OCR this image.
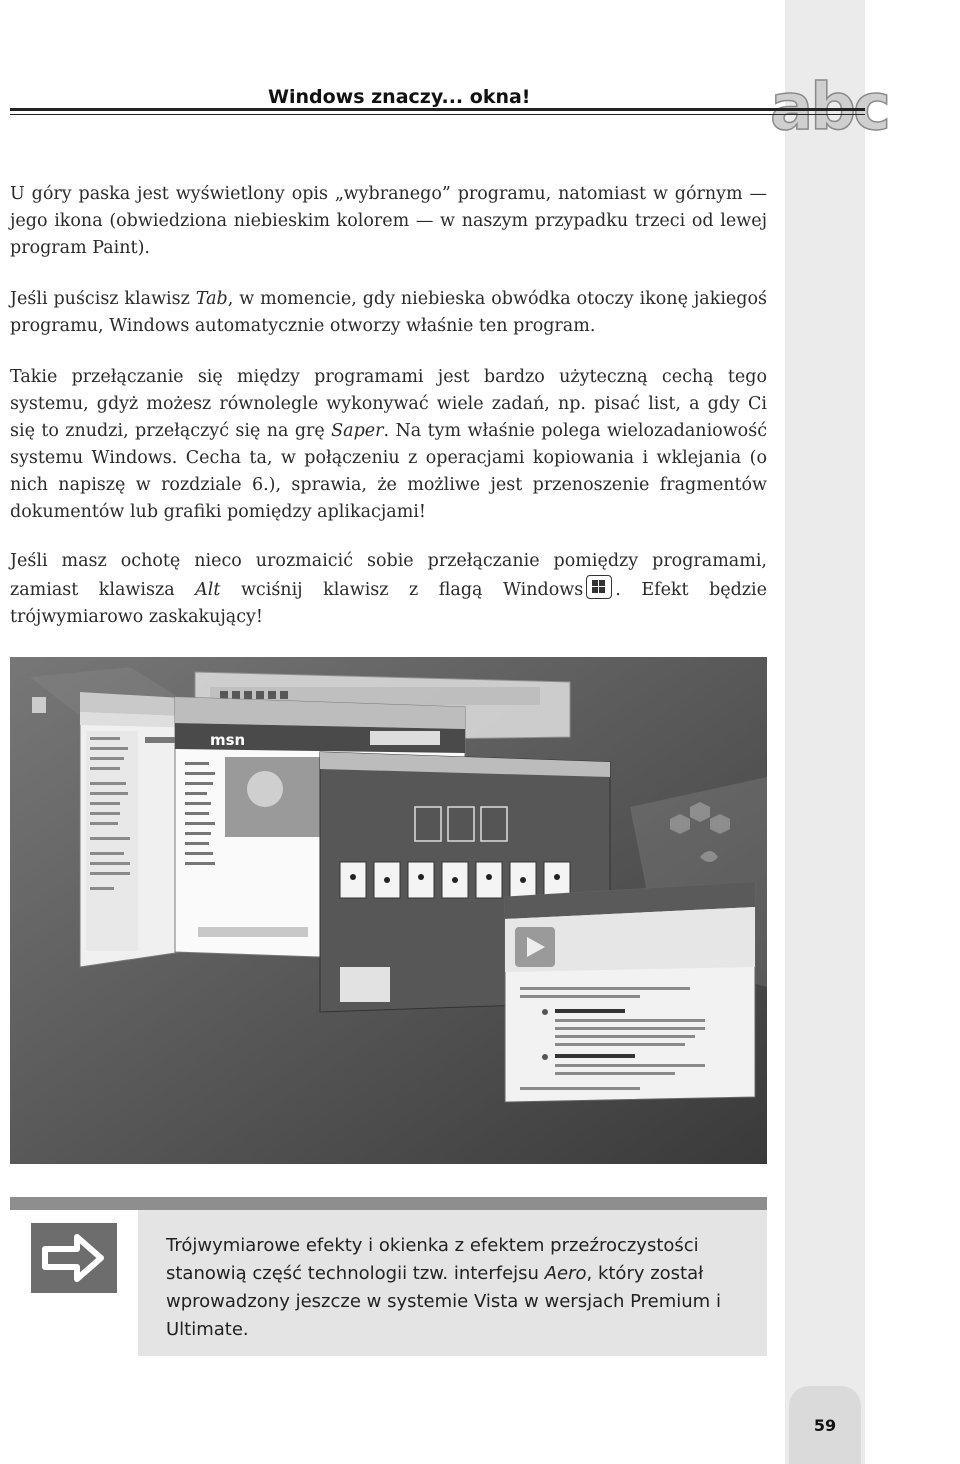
abc
Windows znaczy... okna!
U góry paska jest wyświetlony opis „wybranego” programu, natomiast w górnym — jego ikona (obwiedziona niebieskim kolorem — w naszym przypadku trzeci od lewej program Paint).
Jeśli puścisz klawisz Tab, w momencie, gdy niebieska obwódka otoczy ikonę jakiegoś programu, Windows automatycznie otworzy właśnie ten program.
Takie przełączanie się między programami jest bardzo użyteczną cechą tego systemu, gdyż możesz równolegle wykonywać wiele zadań, np. pisać list, a gdy Ci się to znudzi, przełączyć się na grę Saper. Na tym właśnie polega wielozadaniowość systemu Windows. Cecha ta, w połączeniu z operacjami kopiowania i wklejania (o nich napiszę w rozdziale 6.), sprawia, że możliwe jest przenoszenie fragmentów dokumentów lub grafiki pomiędzy aplikacjami!
Jeśli masz ochotę nieco urozmaicić sobie przełączanie pomiędzy programami, zamiast klawisza Alt wciśnij klawisz z flagą Windows . Efekt będzie trójwymiarowo zaskakujący!
msn
Trójwymiarowe efekty i okienka z efektem przeźroczystości stanowią część technologii tzw. interfejsu Aero, który został wprowadzony jeszcze w systemie Vista w wersjach Premium i Ultimate.
59
